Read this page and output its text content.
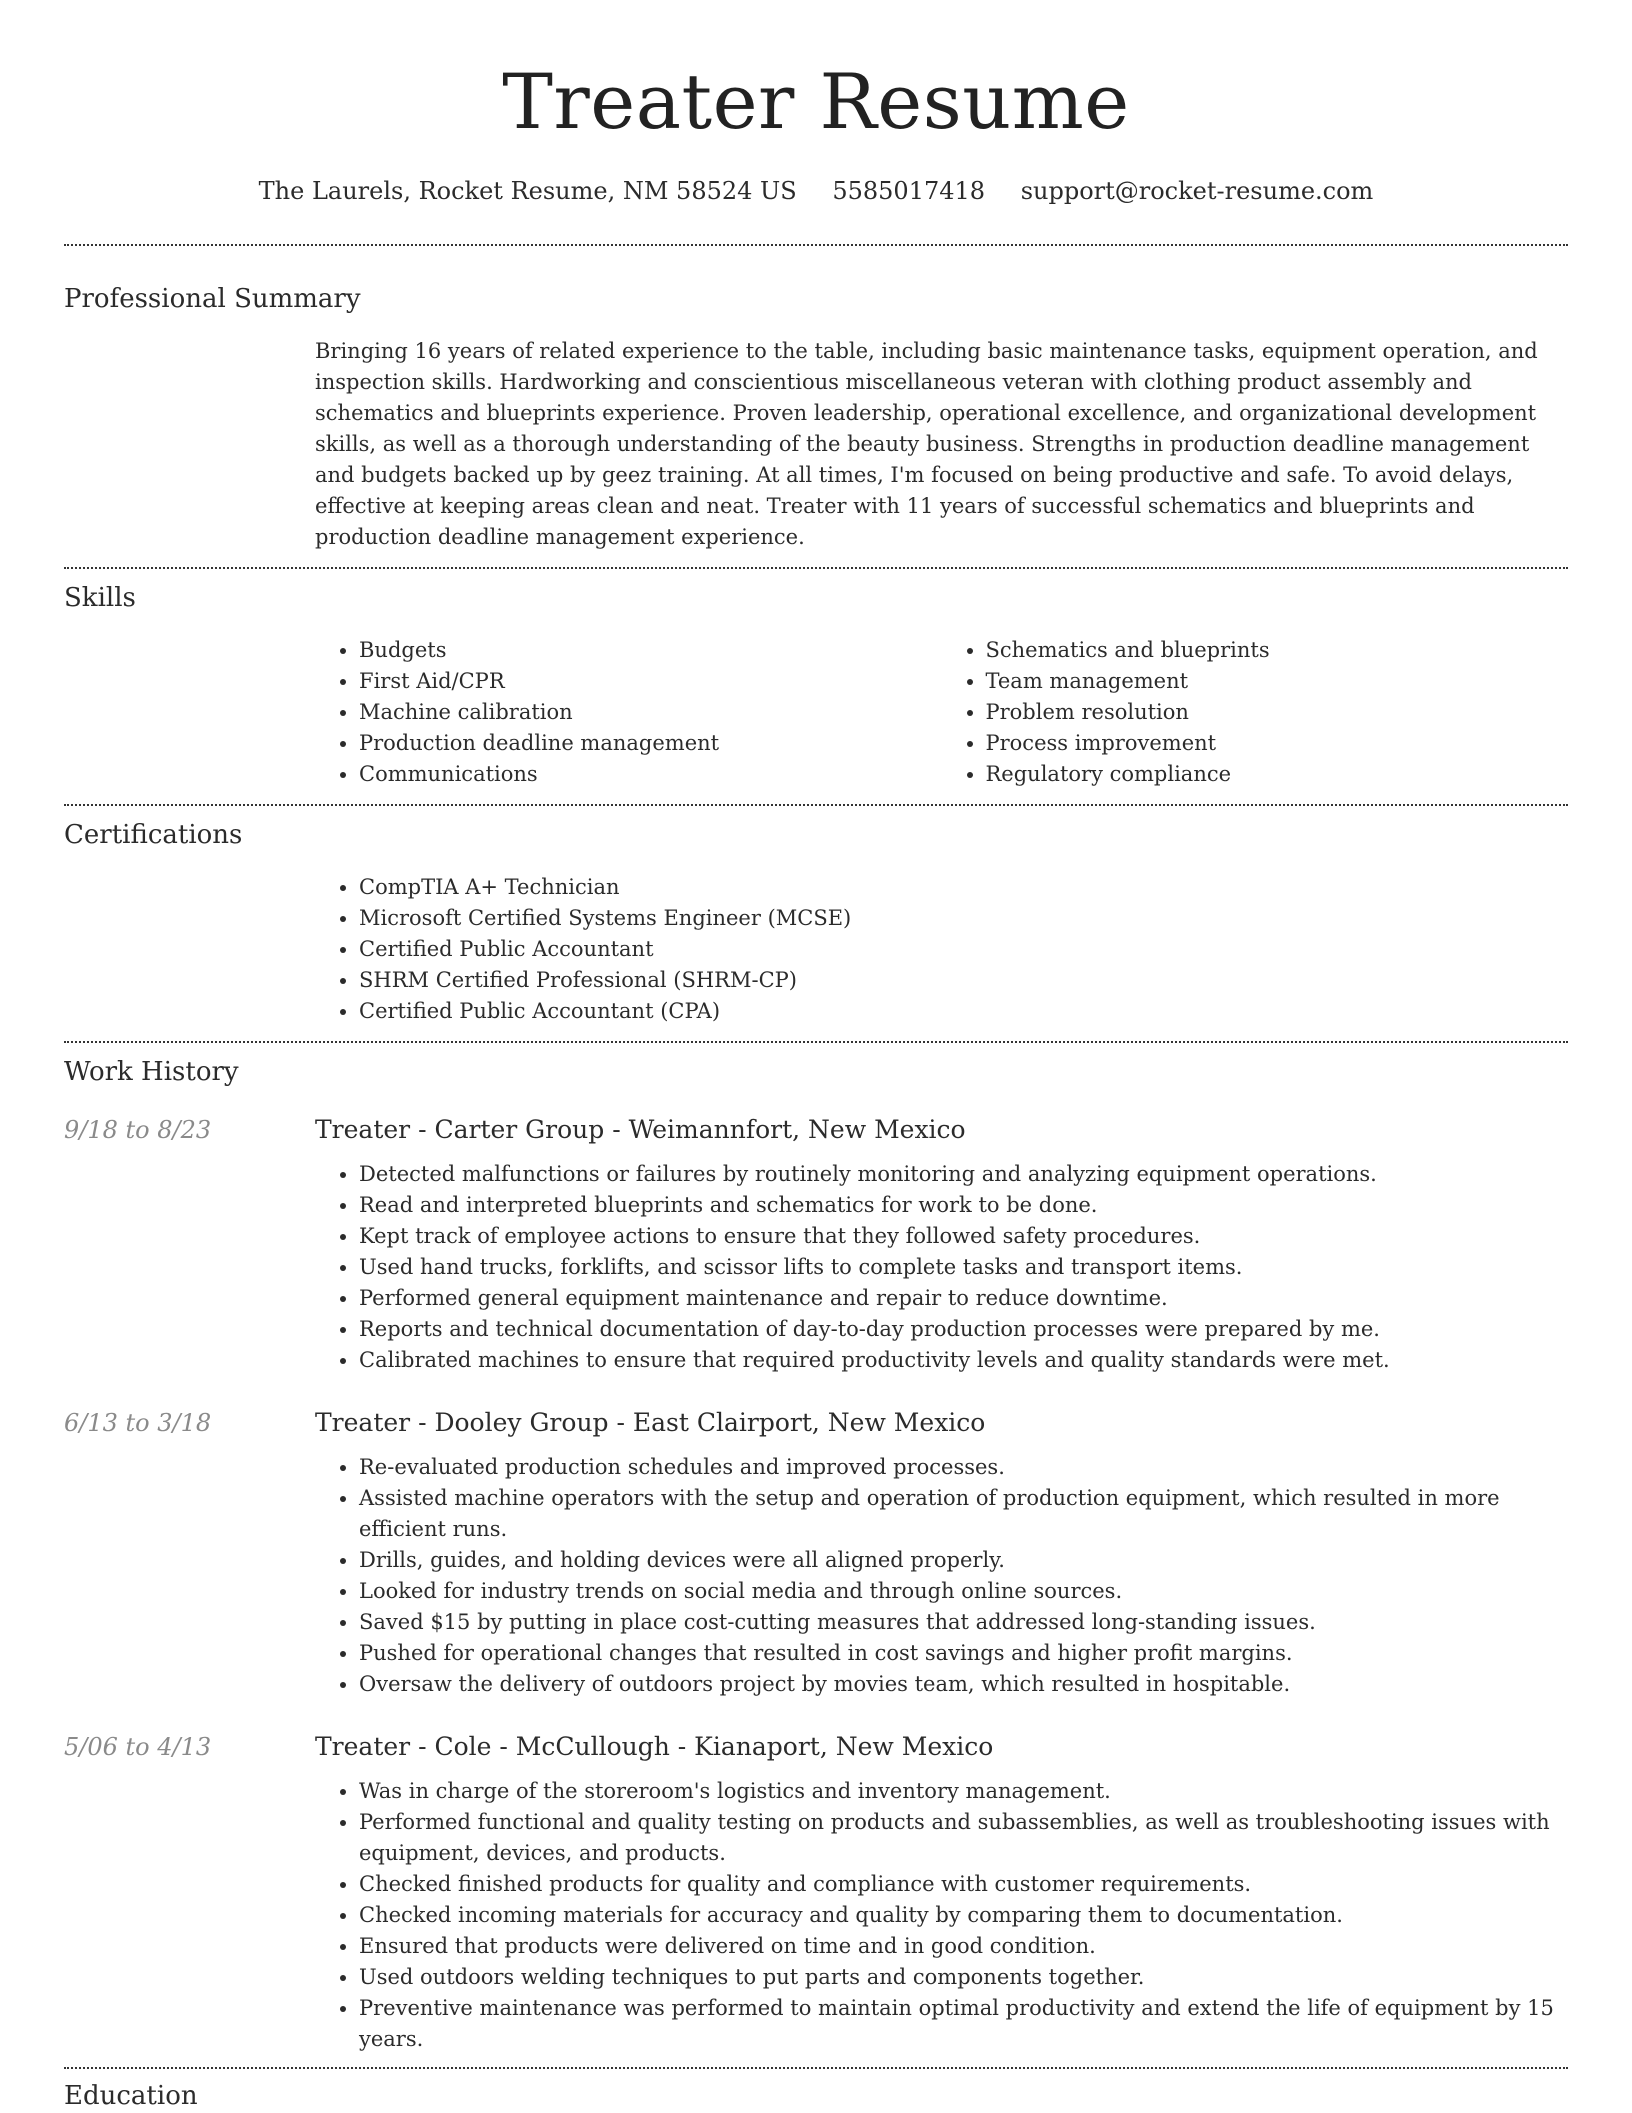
Treater Resume
The Laurels, Rocket Resume, NM 58524 US 5585017418 support@rocket-resume.com
Professional Summary

Bringing 16 years of related experience to the table, including basic maintenance tasks, equipment operation, and inspection skills. Hardworking and conscientious miscellaneous veteran with clothing product assembly and schematics and blueprints experience. Proven leadership, operational excellence, and organizational development skills, as well as a thorough understanding of the beauty business. Strengths in production deadline management and budgets backed up by geez training. At all times, I'm focused on being productive and safe. To avoid delays, effective at keeping areas clean and neat. Treater with 11 years of successful schematics and blueprints and production deadline management experience.

Skills
• Budgets
• First Aid/CPR
• Machine calibration
• Production deadline management
• Communications
• Schematics and blueprints
• Team management
• Problem resolution
• Process improvement
• Regulatory compliance
Certifications
• CompTIA A+ Technician
• Microsoft Certified Systems Engineer (MCSE)
• Certified Public Accountant
• SHRM Certified Professional (SHRM-CP)
• Certified Public Accountant (CPA)
Work History
9/18 to 8/23	Treater - Carter Group - Weimannfort, New Mexico
• Detected malfunctions or failures by routinely monitoring and analyzing equipment operations.
• Read and interpreted blueprints and schematics for work to be done.
• Kept track of employee actions to ensure that they followed safety procedures.
• Used hand trucks, forklifts, and scissor lifts to complete tasks and transport items.
• Performed general equipment maintenance and repair to reduce downtime.
• Reports and technical documentation of day-to-day production processes were prepared by me.
• Calibrated machines to ensure that required productivity levels and quality standards were met.
6/13 to 3/18	Treater - Dooley Group - East Clairport, New Mexico
• Re-evaluated production schedules and improved processes.
• Assisted machine operators with the setup and operation of production equipment, which resulted in more efficient runs.
• Drills, guides, and holding devices were all aligned properly.
• Looked for industry trends on social media and through online sources.
• Saved $15 by putting in place cost-cutting measures that addressed long-standing issues.
• Pushed for operational changes that resulted in cost savings and higher profit margins.
• Oversaw the delivery of outdoors project by movies team, which resulted in hospitable.
5/06 to 4/13	Treater - Cole - McCullough - Kianaport, New Mexico
• Was in charge of the storeroom's logistics and inventory management.
• Performed functional and quality testing on products and subassemblies, as well as troubleshooting issues with equipment, devices, and products.
• Checked finished products for quality and compliance with customer requirements.
• Checked incoming materials for accuracy and quality by comparing them to documentation.
• Ensured that products were delivered on time and in good condition.
• Used outdoors welding techniques to put parts and components together.
• Preventive maintenance was performed to maintain optimal productivity and extend the life of equipment by 15 years.
Education
